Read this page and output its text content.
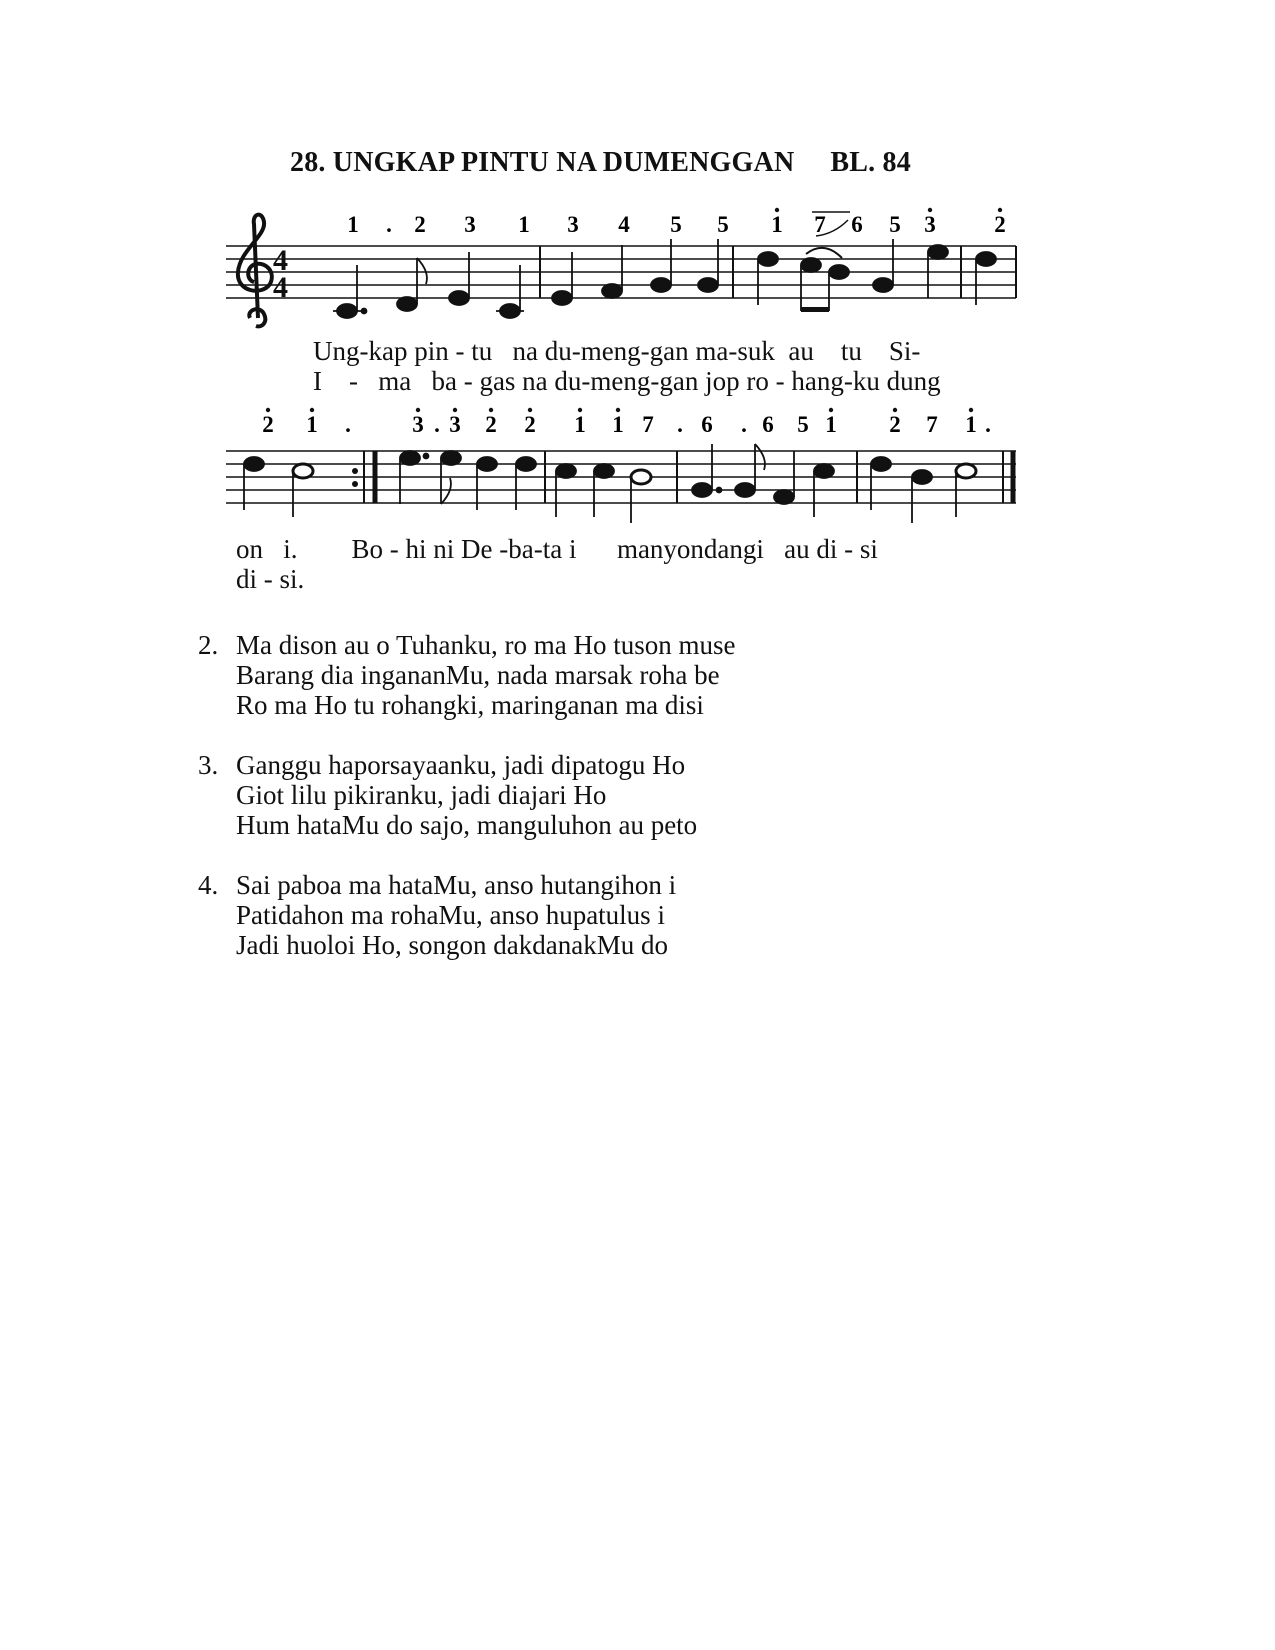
28. UNGKAP PINTU NA DUMENGGAN     BL. 84
1 . 2 3 1 3 4 5 5 1 7 6 5 3	2
4
4
2 1 .	3 . 3 2 2 1 1 7 . 6 . 6 5 1 2 7 1 .
Ung-kap pin - tu   na du-meng-gan ma-suk  au    tu    Si-
I    -   ma   ba - gas na du-meng-gan jop ro - hang-ku dung
on   i.        Bo - hi ni De -ba-ta i      manyondangi   au di - si
di - si.
2. Ma dison au o Tuhanku, ro ma Ho tuson muse
Barang dia inganan​Mu, nada marsak roha be
Ro ma Ho tu rohangki, maringanan ma disi
3. Ganggu haporsayaanku, jadi dipatogu Ho
Giot lilu pikiranku, jadi diajari Ho
Hum hataMu do sajo, manguluhon au peto
4. Sai paboa ma hataMu, anso hutangihon i
Patidahon ma rohaMu, anso hupatulus i
Jadi huoloi Ho, songon dakdanakMu do
